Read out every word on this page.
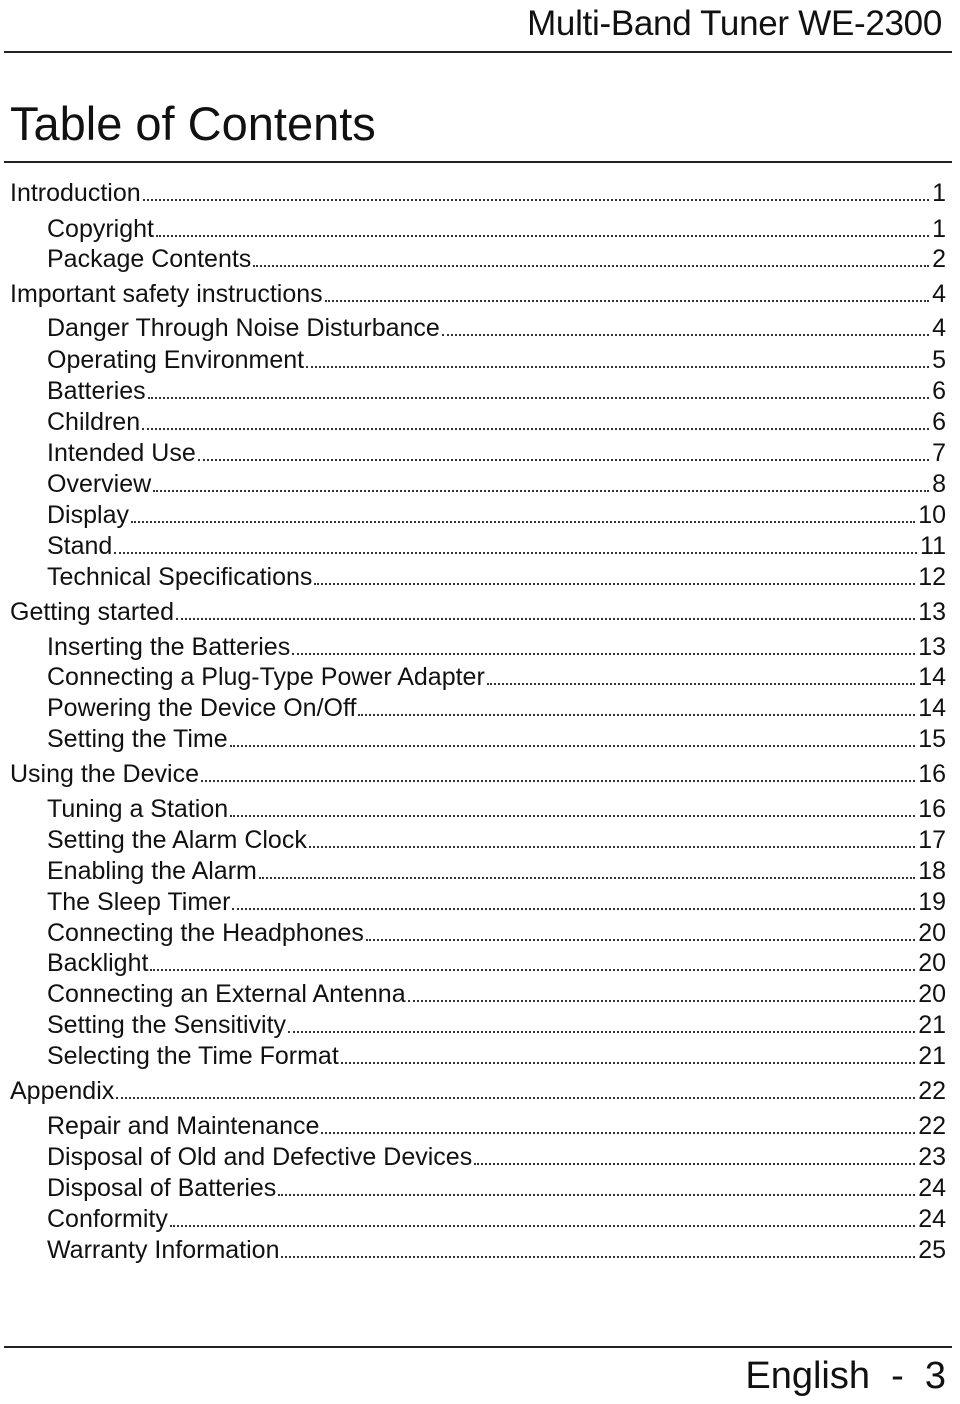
Multi-Band Tuner WE-2300
Table of Contents
Introduction	1
Copyright	1
Package Contents	2
Important safety instructions	4
Danger Through Noise Disturbance	4
Operating Environment	5
Batteries	6
Children	6
Intended Use	7
Overview	8
Display	10
Stand	11
Technical Specifications	12
Getting started	13
Inserting the Batteries	13
Connecting a Plug-Type Power Adapter	14
Powering the Device On/Off	14
Setting the Time	15
Using the Device	16
Tuning a Station	16
Setting the Alarm Clock	17
Enabling the Alarm	18
The Sleep Timer	19
Connecting the Headphones	20
Backlight	20
Connecting an External Antenna	20
Setting the Sensitivity	21
Selecting the Time Format	21
Appendix	22
Repair and Maintenance	22
Disposal of Old and Defective Devices	23
Disposal of Batteries	24
Conformity	24
Warranty Information	25
English  -  3
